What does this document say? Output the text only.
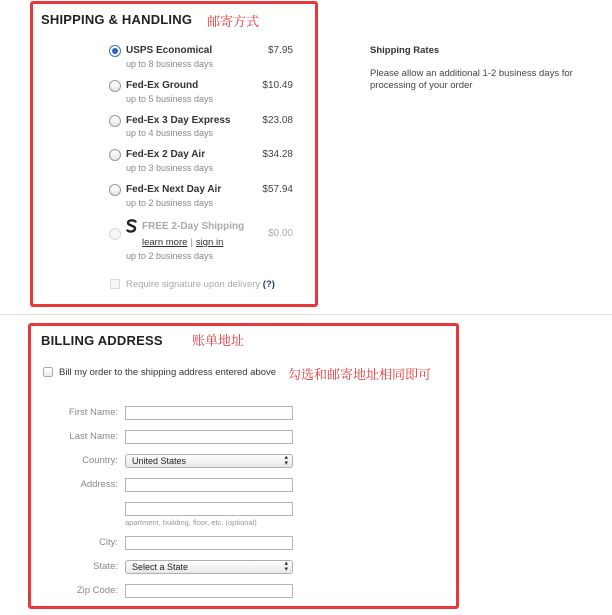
SHIPPING & HANDLING 邮寄方式
USPS Economical
up to 8 business days
$7.95
Fed-Ex Ground
up to 5 business days
$10.49
Fed-Ex 3 Day Express
up to 4 business days
$23.08
Fed-Ex 2 Day Air
up to 3 business days
$34.28
Fed-Ex Next Day Air
up to 2 business days
$57.94
FREE 2-Day Shipping
learn more | sign in
up to 2 business days
$0.00
Require signature upon delivery (?)
Shipping Rates
Please allow an additional 1-2 business days for processing of your order
BILLING ADDRESS 账单地址
Bill my order to the shipping address entered above 勾选和邮寄地址相同即可
First Name:
Last Name:
Country:
Address:
City:
State:
Zip Code:
United States	▴
▾
apartment, building, floor, etc. (optional)
Select a State	▴
▾
